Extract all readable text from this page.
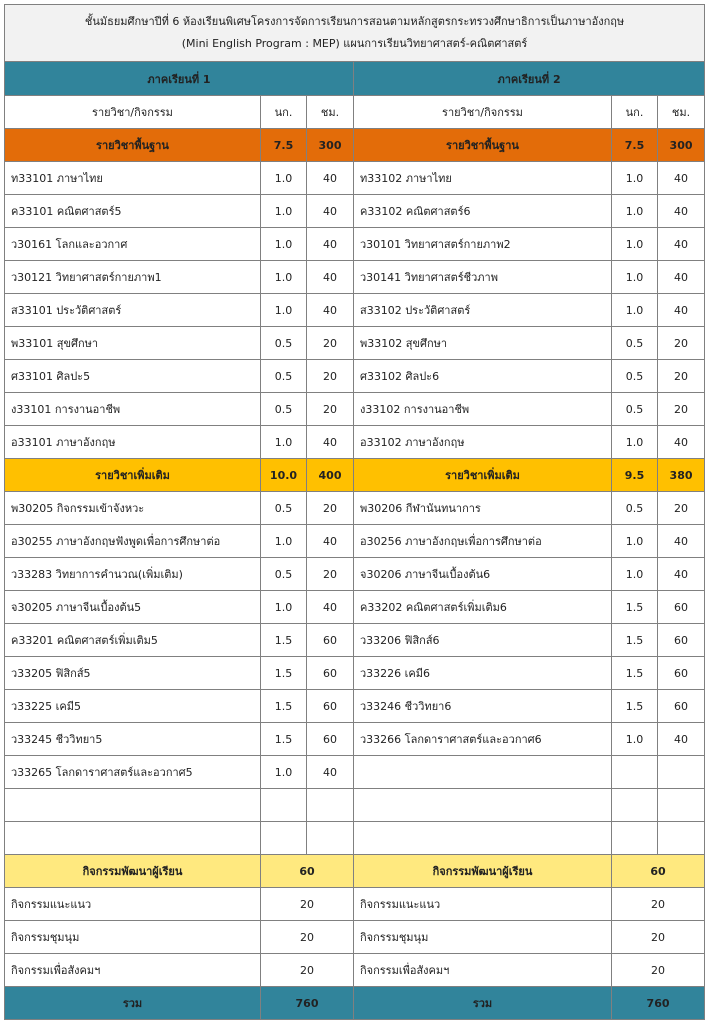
ชั้นมัธยมศึกษาปีที่ 6 ห้องเรียนพิเศษโครงการจัดการเรียนการสอนตามหลักสูตรกระทรวงศึกษาธิการเป็นภาษาอังกฤษ
(Mini English Program : MEP) แผนการเรียนวิทยาศาสตร์-คณิตศาสตร์					

ภาคเรียนที่ 1			ภาคเรียนที่ 2		
รายวิชา/กิจกรรม	นก.	ชม.	รายวิชา/กิจกรรม	นก.	ชม.
รายวิชาพื้นฐาน	7.5	300	รายวิชาพื้นฐาน	7.5	300
ท33101 ภาษาไทย	1.0	40	ท33102 ภาษาไทย	1.0	40
ค33101 คณิตศาสตร์5	1.0	40	ค33102 คณิตศาสตร์6	1.0	40
ว30161 โลกและอวกาศ	1.0	40	ว30101 วิทยาศาสตร์กายภาพ2	1.0	40
ว30121 วิทยาศาสตร์กายภาพ1	1.0	40	ว30141 วิทยาศาสตร์ชีวภาพ	1.0	40
ส33101 ประวัติศาสตร์	1.0	40	ส33102 ประวัติศาสตร์	1.0	40
พ33101 สุขศึกษา	0.5	20	พ33102 สุขศึกษา	0.5	20
ศ33101 ศิลปะ5	0.5	20	ศ33102 ศิลปะ6	0.5	20
ง33101 การงานอาชีพ	0.5	20	ง33102 การงานอาชีพ	0.5	20
อ33101 ภาษาอังกฤษ	1.0	40	อ33102 ภาษาอังกฤษ	1.0	40
รายวิชาเพิ่มเติม	10.0	400	รายวิชาเพิ่มเติม	9.5	380
พ30205 กิจกรรมเข้าจังหวะ	0.5	20	พ30206 กีฬานันทนาการ	0.5	20
อ30255 ภาษาอังกฤษฟังพูดเพื่อการศึกษาต่อ	1.0	40	อ30256 ภาษาอังกฤษเพื่อการศึกษาต่อ	1.0	40
ว33283 วิทยาการคำนวณ(เพิ่มเติม)	0.5	20	จ30206 ภาษาจีนเบื้องต้น6	1.0	40
จ30205 ภาษาจีนเบื้องต้น5	1.0	40	ค33202 คณิตศาสตร์เพิ่มเติม6	1.5	60
ค33201 คณิตศาสตร์เพิ่มเติม5	1.5	60	ว33206 ฟิสิกส์6	1.5	60
ว33205 ฟิสิกส์5	1.5	60	ว33226 เคมี6	1.5	60
ว33225 เคมี5	1.5	60	ว33246 ชีววิทยา6	1.5	60
ว33245 ชีววิทยา5	1.5	60	ว33266 โลกดาราศาสตร์และอวกาศ6	1.0	40
ว33265 โลกดาราศาสตร์และอวกาศ5	1.0	40			

กิจกรรมพัฒนาผู้เรียน	60		กิจกรรมพัฒนาผู้เรียน	60	
กิจกรรมแนะแนว	20		กิจกรรมแนะแนว	20	
กิจกรรมชุมนุม	20		กิจกรรมชุมนุม	20	
กิจกรรมเพื่อสังคมฯ	20		กิจกรรมเพื่อสังคมฯ	20	
รวม	760		รวม	760	
